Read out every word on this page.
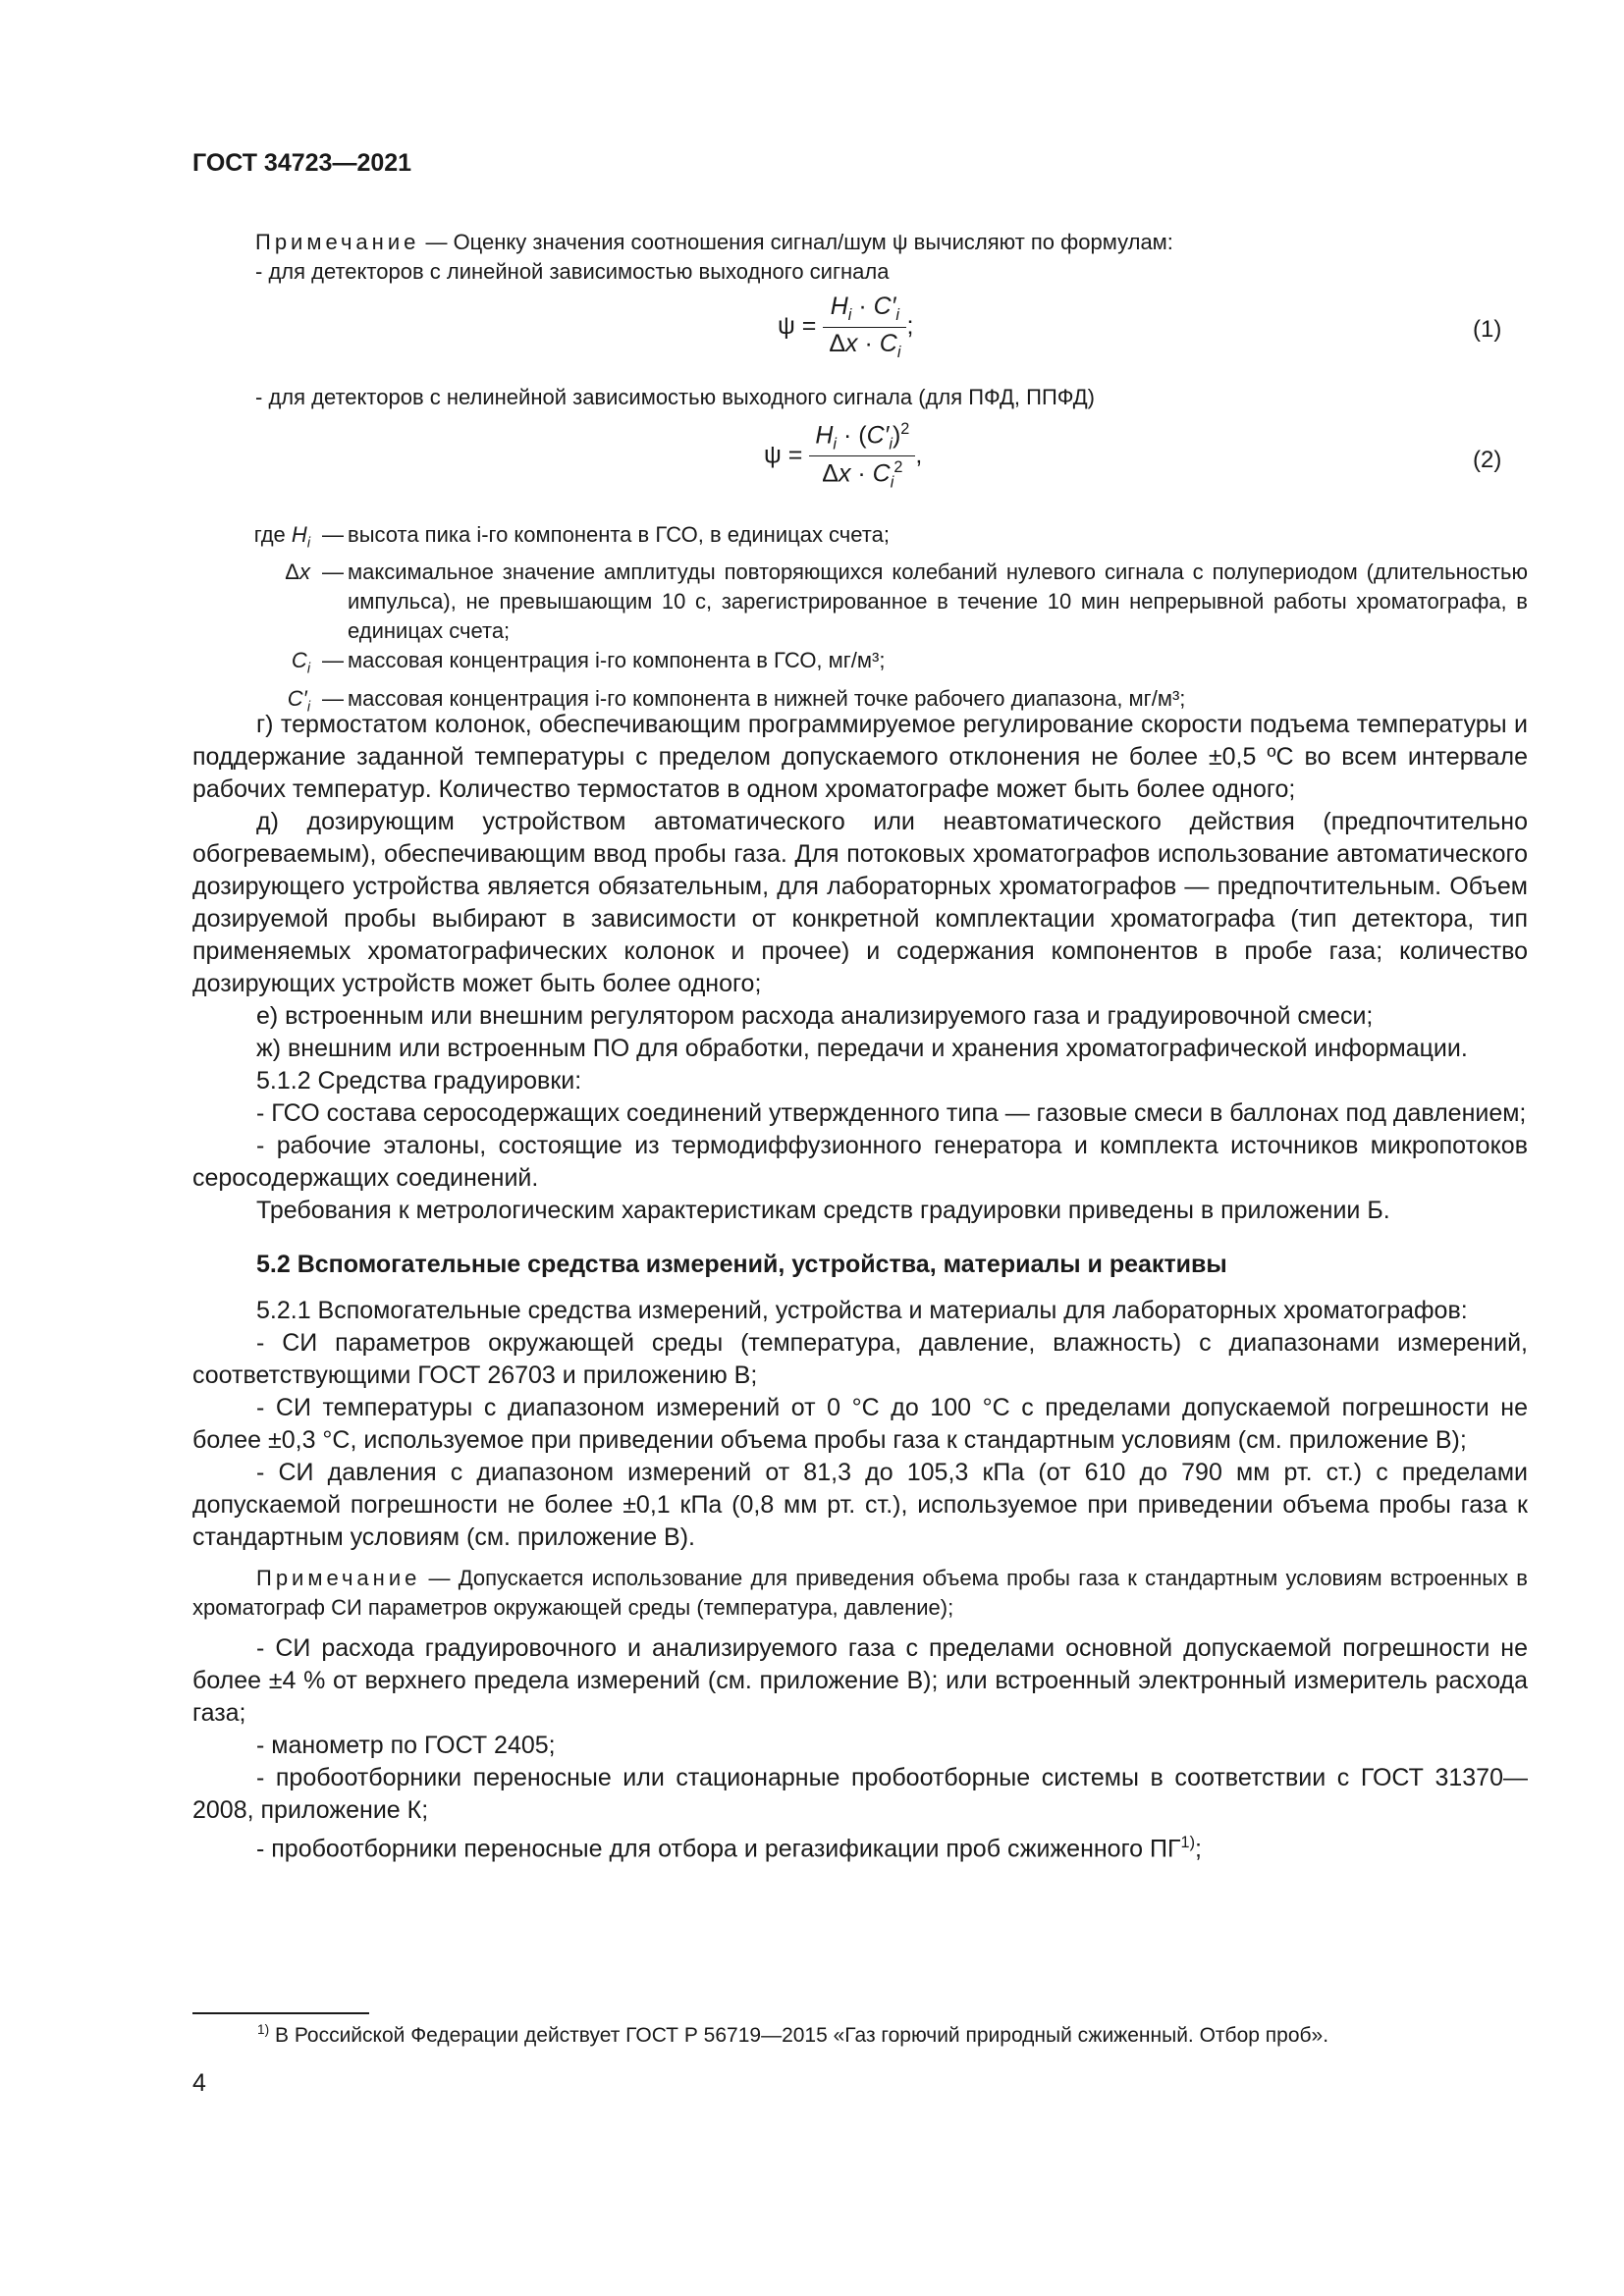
ГОСТ 34723—2021
Примечание — Оценку значения соотношения сигнал/шум ψ вычисляют по формулам:
- для детекторов с линейной зависимостью выходного сигнала
$\psi = \frac{H_i \cdot C'_i}{\Delta x \cdot C_i}$ ;	(1)
- для детекторов с нелинейной зависимостью выходного сигнала (для ПФД, ППФД)
$\psi = \frac{H_i \cdot (C'_i)^2}{\Delta x \cdot C_i^2}$ ,	(2)
где $H_i$ — высота пика i-го компонента в ГСО, в единицах счета;
Δx — максимальное значение амплитуды повторяющихся колебаний нулевого сигнала с полупериодом (длительностью импульса), не превышающим 10 с, зарегистрированное в течение 10 мин непрерывной работы хроматографа, в единицах счета;
$C_i$ — массовая концентрация i-го компонента в ГСО, мг/м³;
$C'_i$ — массовая концентрация i-го компонента в нижней точке рабочего диапазона, мг/м³;

г) термостатом колонок, обеспечивающим программируемое регулирование скорости подъема температуры и поддержание заданной температуры с пределом допускаемого отклонения не более ±0,5 ºС во всем интервале рабочих температур. Количество термостатов в одном хроматографе может быть более одного;

д) дозирующим устройством автоматического или неавтоматического действия (предпочтительно обогреваемым), обеспечивающим ввод пробы газа. Для потоковых хроматографов использование автоматического дозирующего устройства является обязательным, для лабораторных хроматографов — предпочтительным. Объем дозируемой пробы выбирают в зависимости от конкретной комплектации хроматографа (тип детектора, тип применяемых хроматографических колонок и прочее) и содержания компонентов в пробе газа; количество дозирующих устройств может быть более одного;

е) встроенным или внешним регулятором расхода анализируемого газа и градуировочной смеси;

ж) внешним или встроенным ПО для обработки, передачи и хранения хроматографической информации.

5.1.2 Средства градуировки:

- ГСО состава серосодержащих соединений утвержденного типа — газовые смеси в баллонах под давлением;

- рабочие эталоны, состоящие из термодиффузионного генератора и комплекта источников микропотоков серосодержащих соединений.

Требования к метрологическим характеристикам средств градуировки приведены в приложении Б.

5.2 Вспомогательные средства измерений, устройства, материалы и реактивы

5.2.1 Вспомогательные средства измерений, устройства и материалы для лабораторных хроматографов:

- СИ параметров окружающей среды (температура, давление, влажность) с диапазонами измерений, соответствующими ГОСТ 26703 и приложению В;

- СИ температуры с диапазоном измерений от 0 °С до 100 °С с пределами допускаемой погрешности не более ±0,3 °С, используемое при приведении объема пробы газа к стандартным условиям (см. приложение В);

- СИ давления с диапазоном измерений от 81,3 до 105,3 кПа (от 610 до 790 мм рт. ст.) с пределами допускаемой погрешности не более ±0,1 кПа (0,8 мм рт. ст.), используемое при приведении объема пробы газа к стандартным условиям (см. приложение В).

Примечание — Допускается использование для приведения объема пробы газа к стандартным условиям встроенных в хроматограф СИ параметров окружающей среды (температура, давление);

- СИ расхода градуировочного и анализируемого газа с пределами основной допускаемой погрешности не более ±4 % от верхнего предела измерений (см. приложение В); или встроенный электронный измеритель расхода газа;

- манометр по ГОСТ 2405;

- пробоотборники переносные или стационарные пробоотборные системы в соответствии с ГОСТ 31370—2008, приложение К;

- пробоотборники переносные для отбора и регазификации проб сжиженного ПГ$^{1)}$;

$^{1)}$ В Российской Федерации действует ГОСТ Р 56719—2015 «Газ горючий природный сжиженный. Отбор проб».
4
